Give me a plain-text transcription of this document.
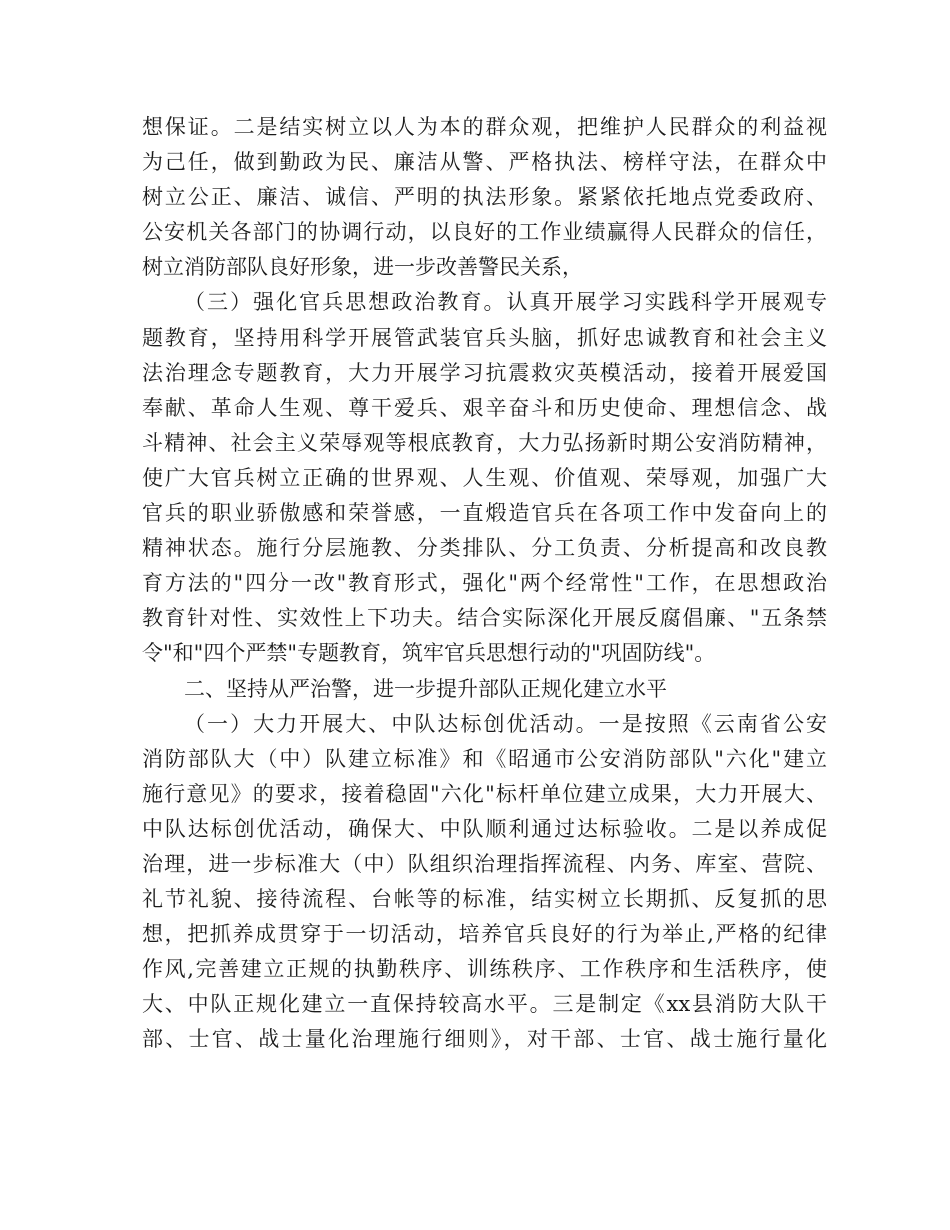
想保证。二是结实树立以人为本的群众观，把维护人民群众的利益视
为己任，做到勤政为民、廉洁从警、严格执法、榜样守法，在群众中
树立公正、廉洁、诚信、严明的执法形象。紧紧依托地点党委政府、
公安机关各部门的协调行动，以良好的工作业绩赢得人民群众的信任，
树立消防部队良好形象，进一步改善警民关系，
（三）强化官兵思想政治教育。认真开展学习实践科学开展观专
题教育，坚持用科学开展管武装官兵头脑，抓好忠诚教育和社会主义
法治理念专题教育，大力开展学习抗震救灾英模活动，接着开展爱国
奉献、革命人生观、尊干爱兵、艰辛奋斗和历史使命、理想信念、战
斗精神、社会主义荣辱观等根底教育，大力弘扬新时期公安消防精神，
使广大官兵树立正确的世界观、人生观、价值观、荣辱观，加强广大
官兵的职业骄傲感和荣誉感，一直煅造官兵在各项工作中发奋向上的
精神状态。施行分层施教、分类排队、分工负责、分析提高和改良教
育方法的"四分一改"教育形式，强化"两个经常性"工作，在思想政治
教育针对性、实效性上下功夫。结合实际深化开展反腐倡廉、"五条禁
令"和"四个严禁"专题教育，筑牢官兵思想行动的"巩固防线"。
二、坚持从严治警，进一步提升部队正规化建立水平
（一）大力开展大、中队达标创优活动。一是按照《云南省公安
消防部队大（中）队建立标准》和《昭通市公安消防部队"六化"建立
施行意见》的要求，接着稳固"六化"标杆单位建立成果，大力开展大、
中队达标创优活动，确保大、中队顺利通过达标验收。二是以养成促
治理，进一步标准大（中）队组织治理指挥流程、内务、库室、营院、
礼节礼貌、接待流程、台帐等的标准，结实树立长期抓、反复抓的思
想，把抓养成贯穿于一切活动，培养官兵良好的行为举止,严格的纪律
作风,完善建立正规的执勤秩序、训练秩序、工作秩序和生活秩序，使
大、中队正规化建立一直保持较高水平。三是制定《xx县消防大队干
部、士官、战士量化治理施行细则》，对干部、士官、战士施行量化
